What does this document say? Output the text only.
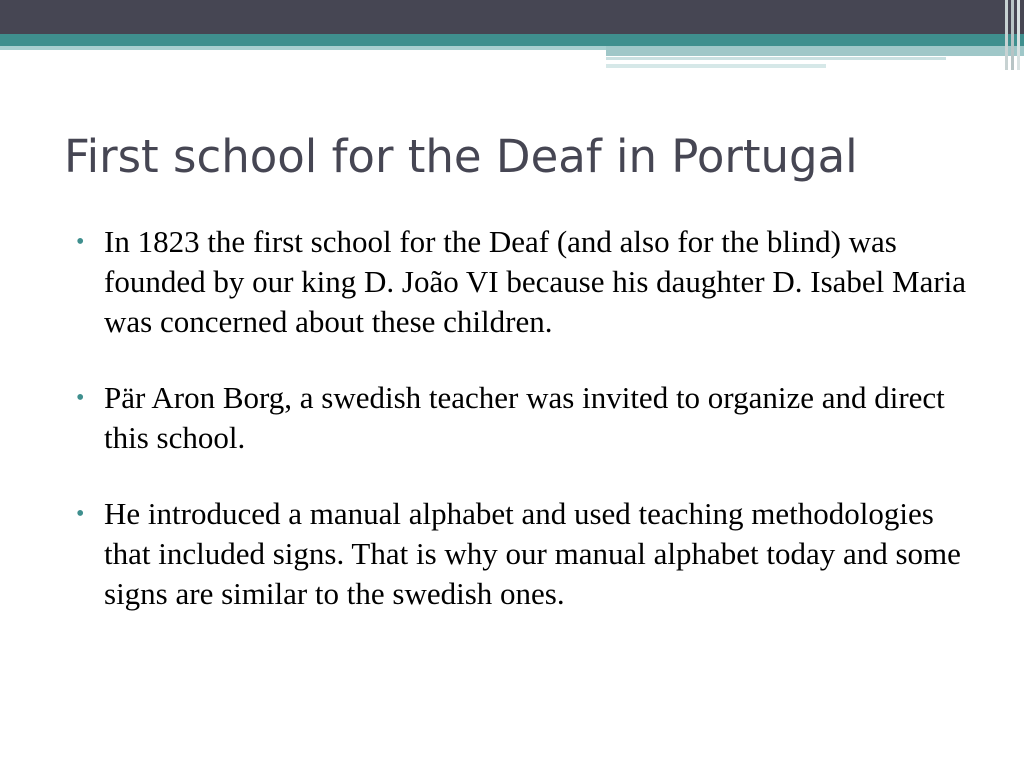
First school for the Deaf in Portugal
• In 1823 the first school for the Deaf (and also for the blind) was founded by our king D. João VI because his daughter D. Isabel Maria was concerned about these children.
• Pär Aron Borg, a swedish teacher was invited to organize and direct this school.
• He introduced a manual alphabet and used teaching methodologies that included signs. That is why our manual alphabet today and some signs are similar to the swedish ones.
